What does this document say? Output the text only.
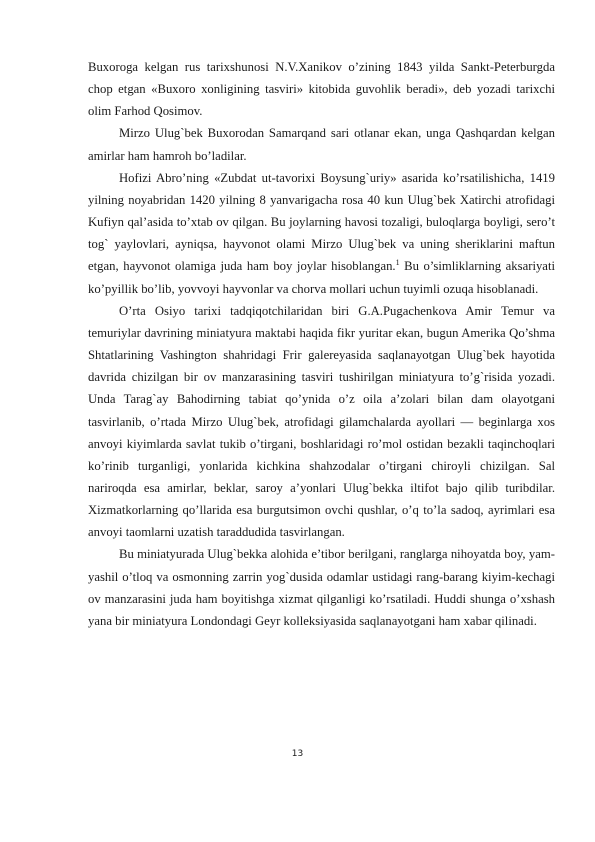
Buxoroga kelgan rus tarixshunosi N.V.Xanikov o’zining 1843 yilda Sankt-Peterburgda chop etgan «Buxoro xonligining tasviri» kitobida guvohlik beradi», deb yozadi tarixchi olim Farhod Qosimov.

Mirzo Ulug`bek Buxorodan Samarqand sari otlanar ekan, unga Qashqardan kelgan amirlar ham hamroh bo’ladilar.

Hofizi Abro’ning «Zubdat ut-tavorixi Boysung`uriy» asarida ko’rsatilishicha, 1419 yilning noyabridan 1420 yilning 8 yanvarigacha rosa 40 kun Ulug`bek Xatirchi atrofidagi Kufiyn qal’asida to’xtab ov qilgan. Bu joylarning havosi tozaligi, buloqlarga boyligi, sero’t tog` yaylovlari, ayniqsa, hayvonot olami Mirzo Ulug`bek va uning sheriklarini maftun etgan, hayvonot olamiga juda ham boy joylar hisoblangan.$^1$ Bu o’simliklarning aksariyati ko’pyillik bo’lib, yovvoyi hayvonlar va chorva mollari uchun tuyimli ozuqa hisoblanadi.

O’rta Osiyo tarixi tadqiqotchilaridan biri G.A.Pugachenkova Amir Temur va temuriylar davrining miniatyura maktabi haqida fikr yuritar ekan, bugun Amerika Qo’shma Shtatlarining Vashington shahridagi Frir galereyasida saqlanayotgan Ulug`bek hayotida davrida chizilgan bir ov manzarasining tasviri tushirilgan miniatyura to’g`risida yozadi. Unda Tarag`ay Bahodirning tabiat qo’ynida o’z oila a’zolari bilan dam olayotgani tasvirlanib, o’rtada Mirzo Ulug`bek, atrofidagi gilamchalarda ayollari — beginlarga xos anvoyi kiyimlarda savlat tukib o’tirgani, boshlaridagi ro’mol ostidan bezakli taqinchoqlari ko’rinib turganligi, yonlarida kichkina shahzodalar o’tirgani chiroyli chizilgan. Sal nariroqda esa amirlar, beklar, saroy a’yonlari Ulug`bekka iltifot bajo qilib turibdilar. Xizmatkorlarning qo’llarida esa burgutsimon ovchi qushlar, o’q to’la sadoq, ayrimlari esa anvoyi taomlarni uzatish taraddudida tasvirlangan.

Bu miniatyurada Ulug`bekka alohida e’tibor berilgani, ranglarga nihoyatda boy, yam-yashil o’tloq va osmonning zarrin yog`dusida odamlar ustidagi rang-barang kiyim-kechagi ov manzarasini juda ham boyitishga xizmat qilganligi ko’rsatiladi. Huddi shunga o’xshash yana bir miniatyura Londondagi Geyr kolleksiyasida saqlanayotgani ham xabar qilinadi.

13
